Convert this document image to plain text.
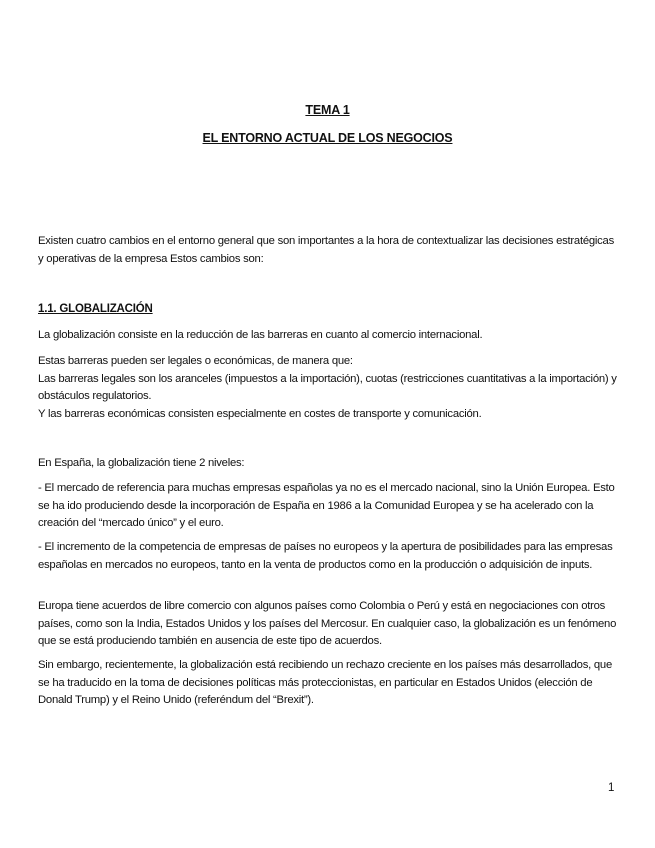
TEMA 1

EL ENTORNO ACTUAL DE LOS NEGOCIOS

Existen cuatro cambios en el entorno general que son importantes a la hora de contextualizar las decisiones estratégicas y operativas de la empresa Estos cambios son:

1.1. GLOBALIZACIÓN

La globalización consiste en la reducción de las barreras en cuanto al comercio internacional.

Estas barreras pueden ser legales o económicas, de manera que:
Las barreras legales son los aranceles (impuestos a la importación), cuotas (restricciones cuantitativas a la importación) y obstáculos regulatorios.
Y las barreras económicas consisten especialmente en costes de transporte y comunicación.

En España, la globalización tiene 2 niveles:

- El mercado de referencia para muchas empresas españolas ya no es el mercado nacional, sino la Unión Europea. Esto se ha ido produciendo desde la incorporación de España en 1986 a la Comunidad Europea y se ha acelerado con la creación del “mercado único” y el euro.

- El incremento de la competencia de empresas de países no europeos y la apertura de posibilidades para las empresas españolas en mercados no europeos, tanto en la venta de productos como en la producción o adquisición de inputs.

Europa tiene acuerdos de libre comercio con algunos países como Colombia o Perú y está en negociaciones con otros países, como son la India, Estados Unidos y los países del Mercosur. En cualquier caso, la globalización es un fenómeno que se está produciendo también en ausencia de este tipo de acuerdos.

Sin embargo, recientemente, la globalización está recibiendo un rechazo creciente en los países más desarrollados, que se ha traducido en la toma de decisiones políticas más proteccionistas, en particular en Estados Unidos (elección de Donald Trump) y el Reino Unido (referéndum del “Brexit”).

1
